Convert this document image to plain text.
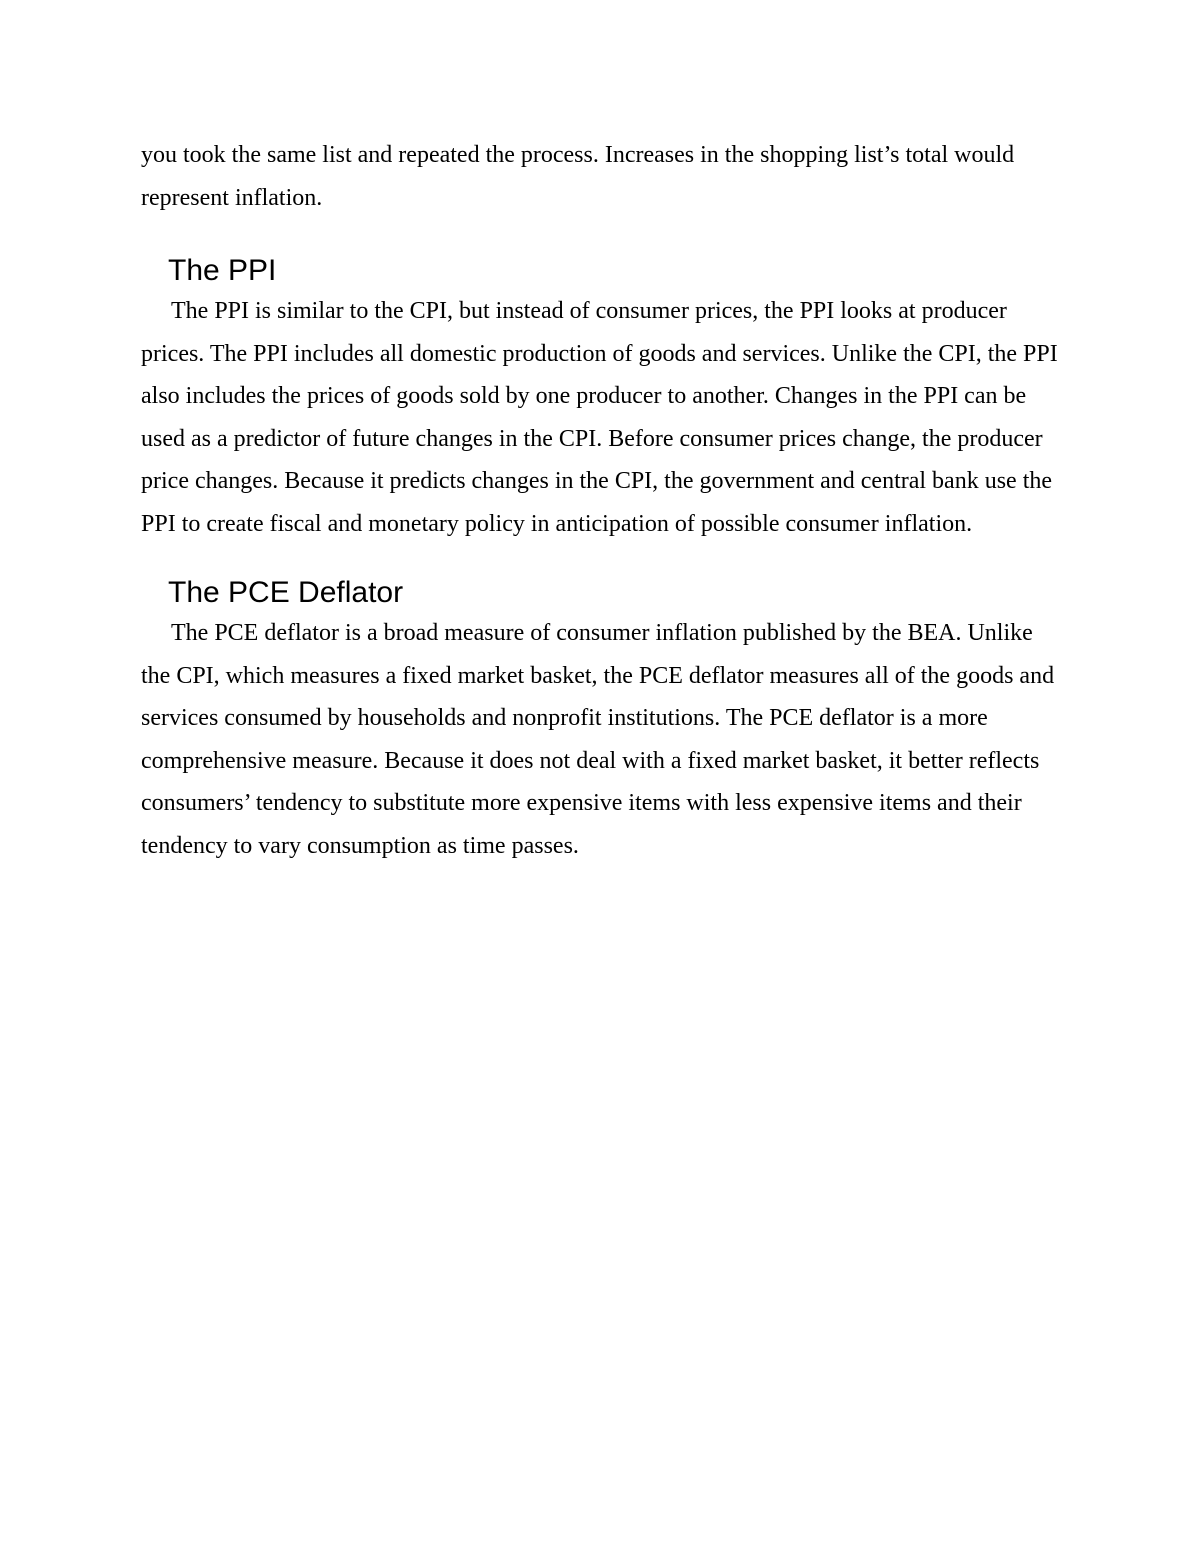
you took the same list and repeated the process. Increases in the shopping list’s total would represent inflation.

The PPI

The PPI is similar to the CPI, but instead of consumer prices, the PPI looks at producer prices. The PPI includes all domestic production of goods and services. Unlike the CPI, the PPI also includes the prices of goods sold by one producer to another. Changes in the PPI can be used as a predictor of future changes in the CPI. Before consumer prices change, the producer price changes. Because it predicts changes in the CPI, the government and central bank use the PPI to create fiscal and monetary policy in anticipation of possible consumer inflation.

The PCE Deflator

The PCE deflator is a broad measure of consumer inflation published by the BEA. Unlike the CPI, which measures a fixed market basket, the PCE deflator measures all of the goods and services consumed by households and nonprofit institutions. The PCE deflator is a more comprehensive measure. Because it does not deal with a fixed market basket, it better reflects consumers’ tendency to substitute more expensive items with less expensive items and their tendency to vary consumption as time passes.
